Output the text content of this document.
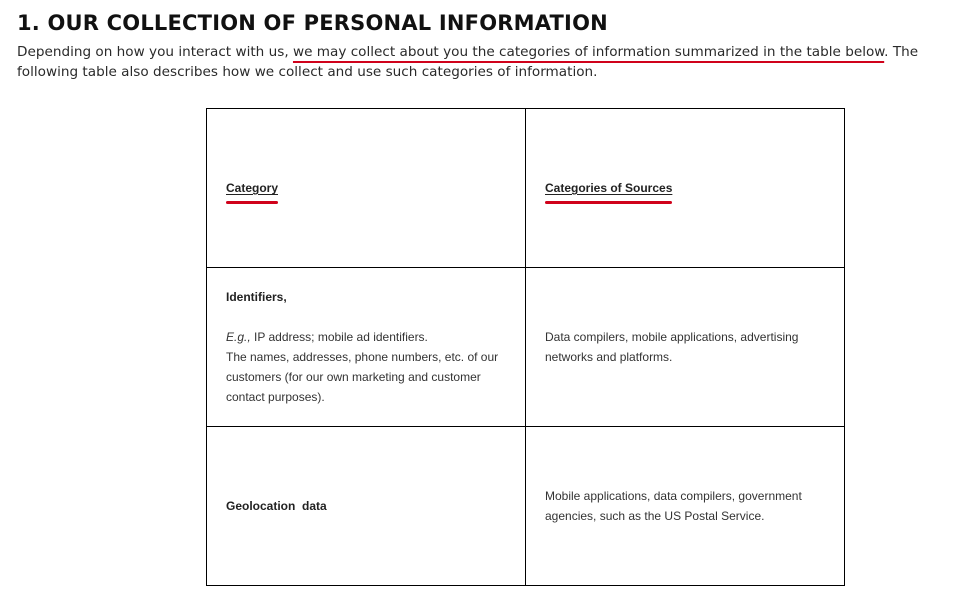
1. OUR COLLECTION OF PERSONAL INFORMATION

Depending on how you interact with us, we may collect about you the categories of information summarized in the table below. The following table also describes how we collect and use such categories of information.

Category	Categories of Sources

Identifiers,
E.g., IP address; mobile ad identifiers.
The names, addresses, phone numbers, etc. of our customers (for our own marketing and customer contact purposes).	Data compilers, mobile applications, advertising networks and platforms.

Geolocation  data	Mobile applications, data compilers, government agencies, such as the US Postal Service.
